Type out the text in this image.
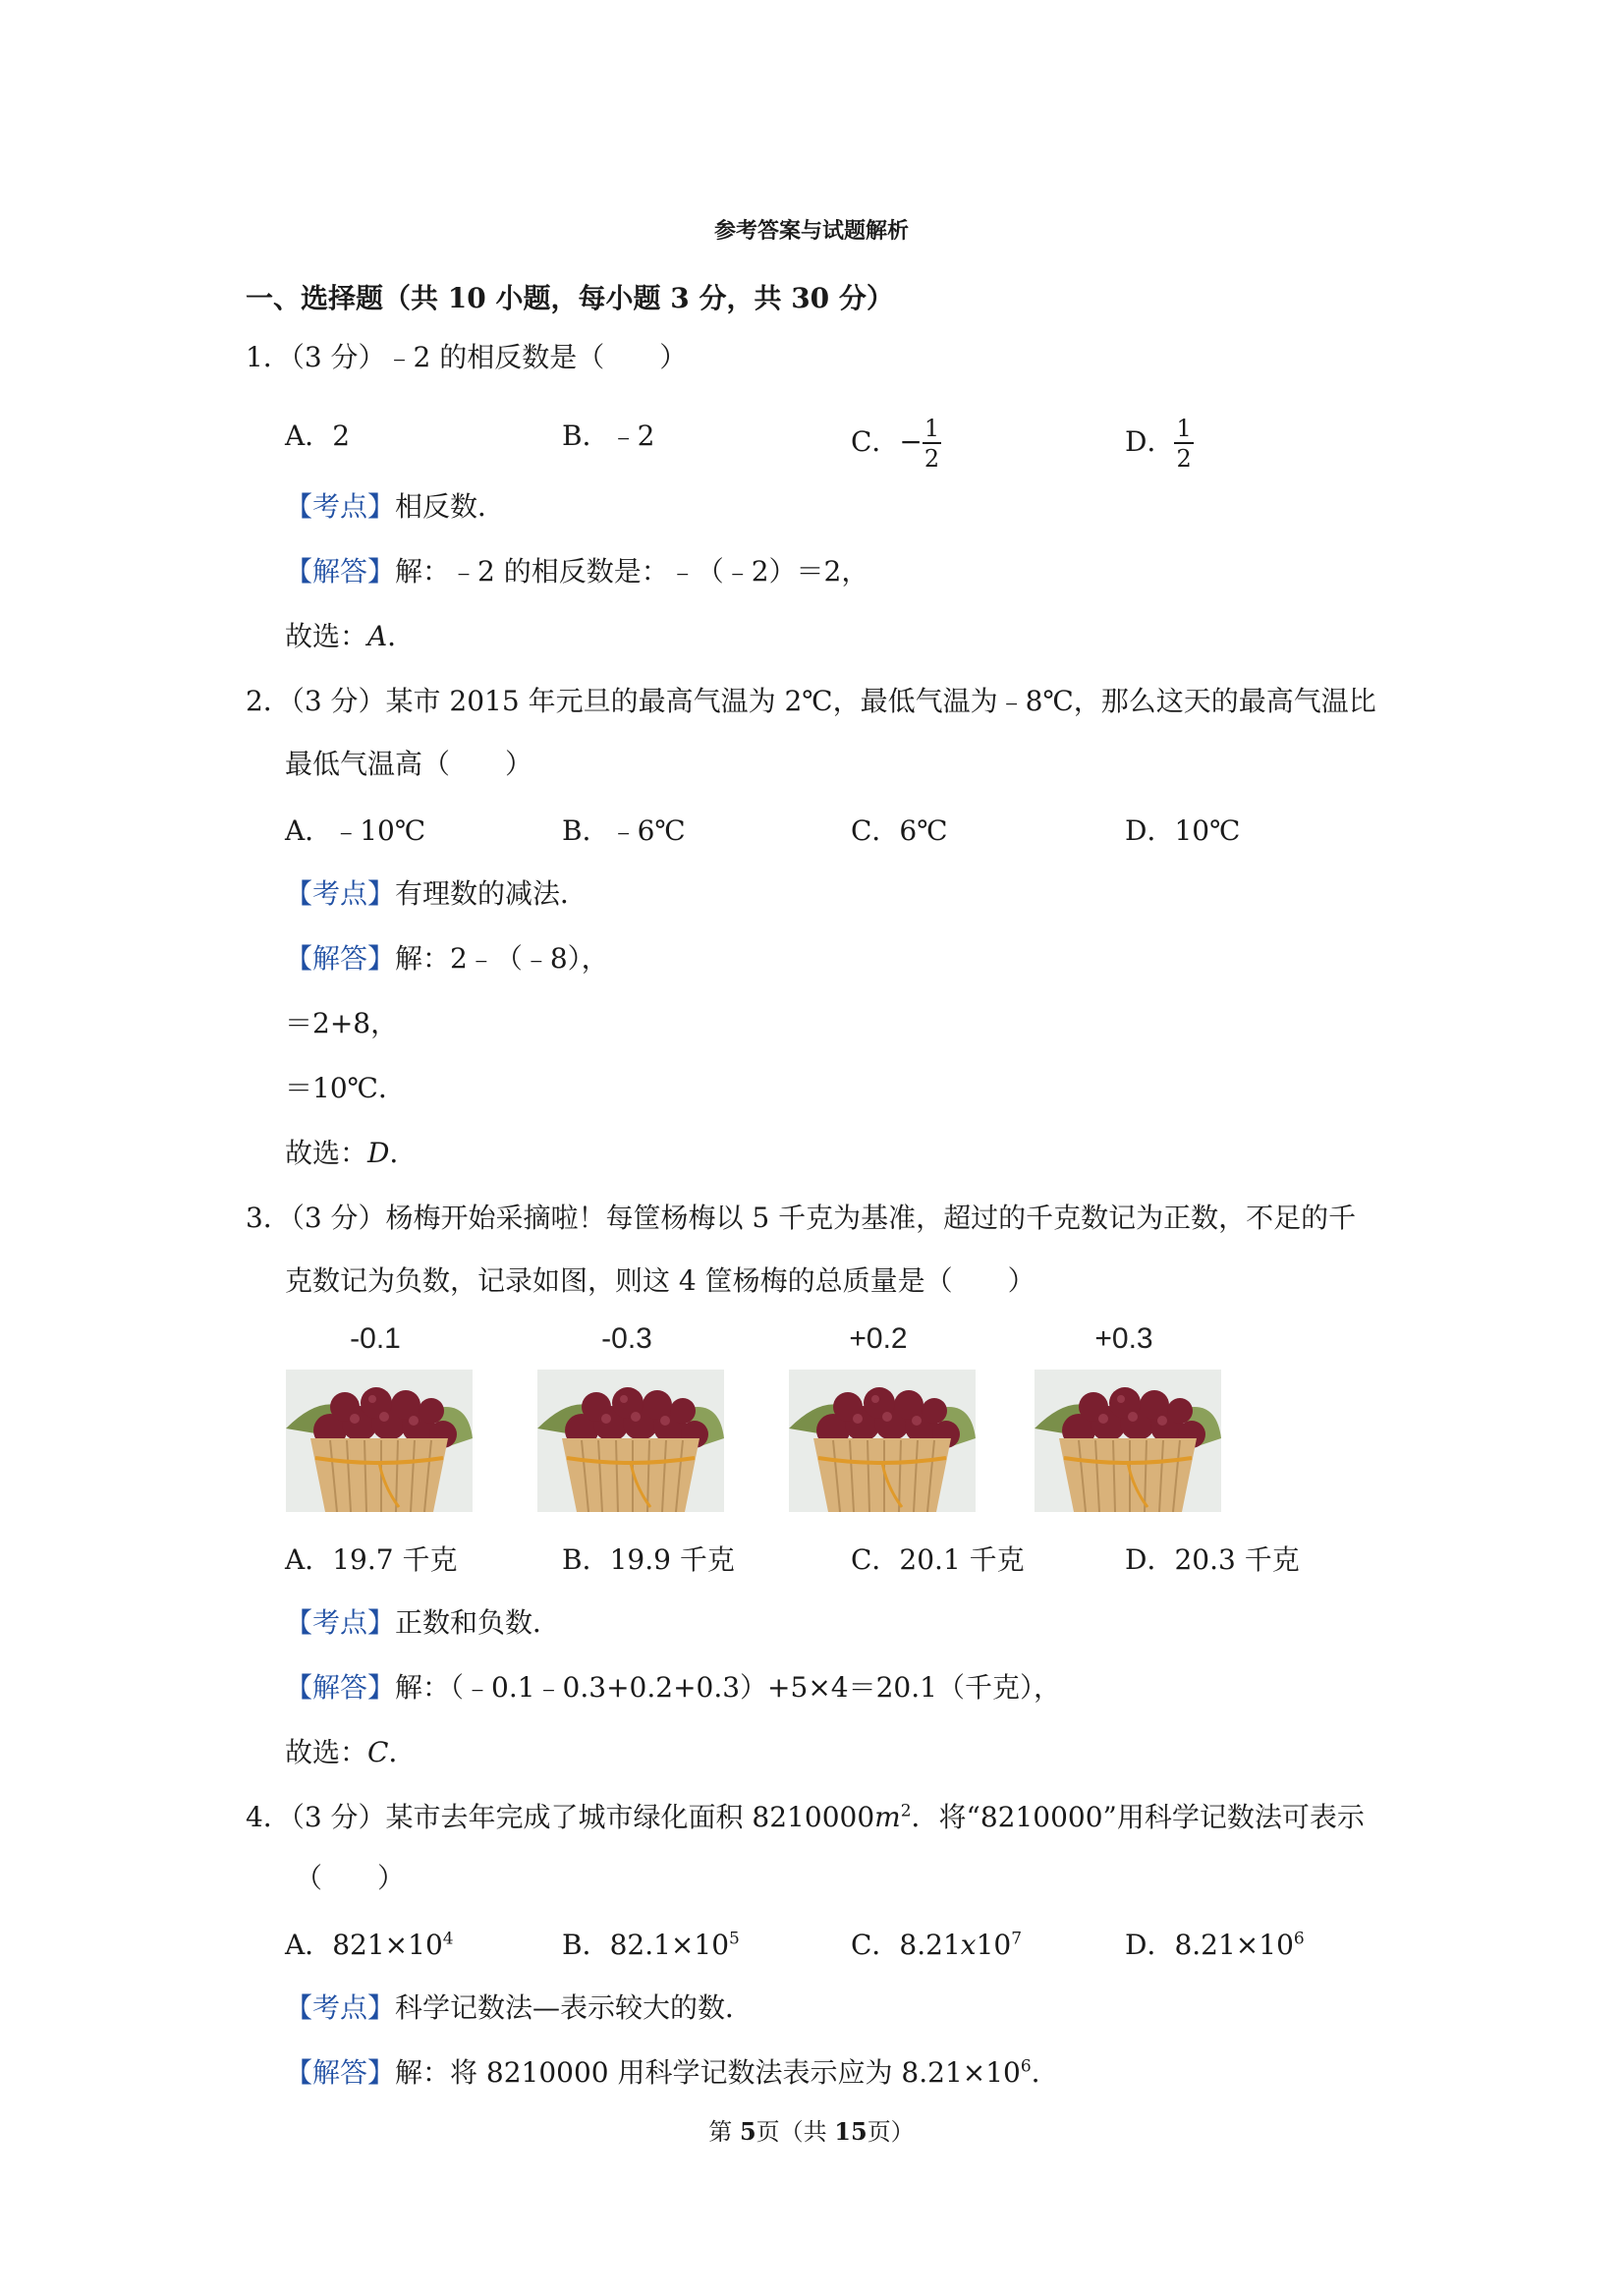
参考答案与试题解析
一、选择题（共 10 小题，每小题 3 分，共 30 分）
1．（3 分）﹣2 的相反数是（　　）
A．2	B．﹣2	C．− $\frac{1}{2}$	D． $\frac{1}{2}$
【考点】相反数．
【解答】解：﹣2 的相反数是：﹣（﹣2）＝2，
故选：A．
2．（3 分）某市 2015 年元旦的最高气温为 2℃，最低气温为﹣8℃，那么这天的最高气温比
最低气温高（　　）
A．﹣10℃	B．﹣6℃	C．6℃	D．10℃
【考点】有理数的减法．
【解答】解：2﹣（﹣8），
＝2+8，
＝10℃．
故选：D．
3．（3 分）杨梅开始采摘啦！每筐杨梅以 5 千克为基准，超过的千克数记为正数，不足的千
克数记为负数，记录如图，则这 4 筐杨梅的总质量是（　　）
-0.1	-0.3	+0.2	+0.3
A．19.7 千克	B．19.9 千克	C．20.1 千克	D．20.3 千克
【考点】正数和负数．
【解答】解：（﹣0.1﹣0.3+0.2+0.3）+5×4＝20.1（千克），
故选：C．
4．（3 分）某市去年完成了城市绿化面积 $8210000m^2$．将“8210000”用科学记数法可表示
（　　）
A．$821\times 10^4$	B．$82.1\times 10^5$	C．$8.21x10^7$	D．$8.21\times 10^6$
【考点】科学记数法—表示较大的数．
【解答】解：将 8210000 用科学记数法表示应为 $8.21\times 10^6$．
第 5页（共 15页）
